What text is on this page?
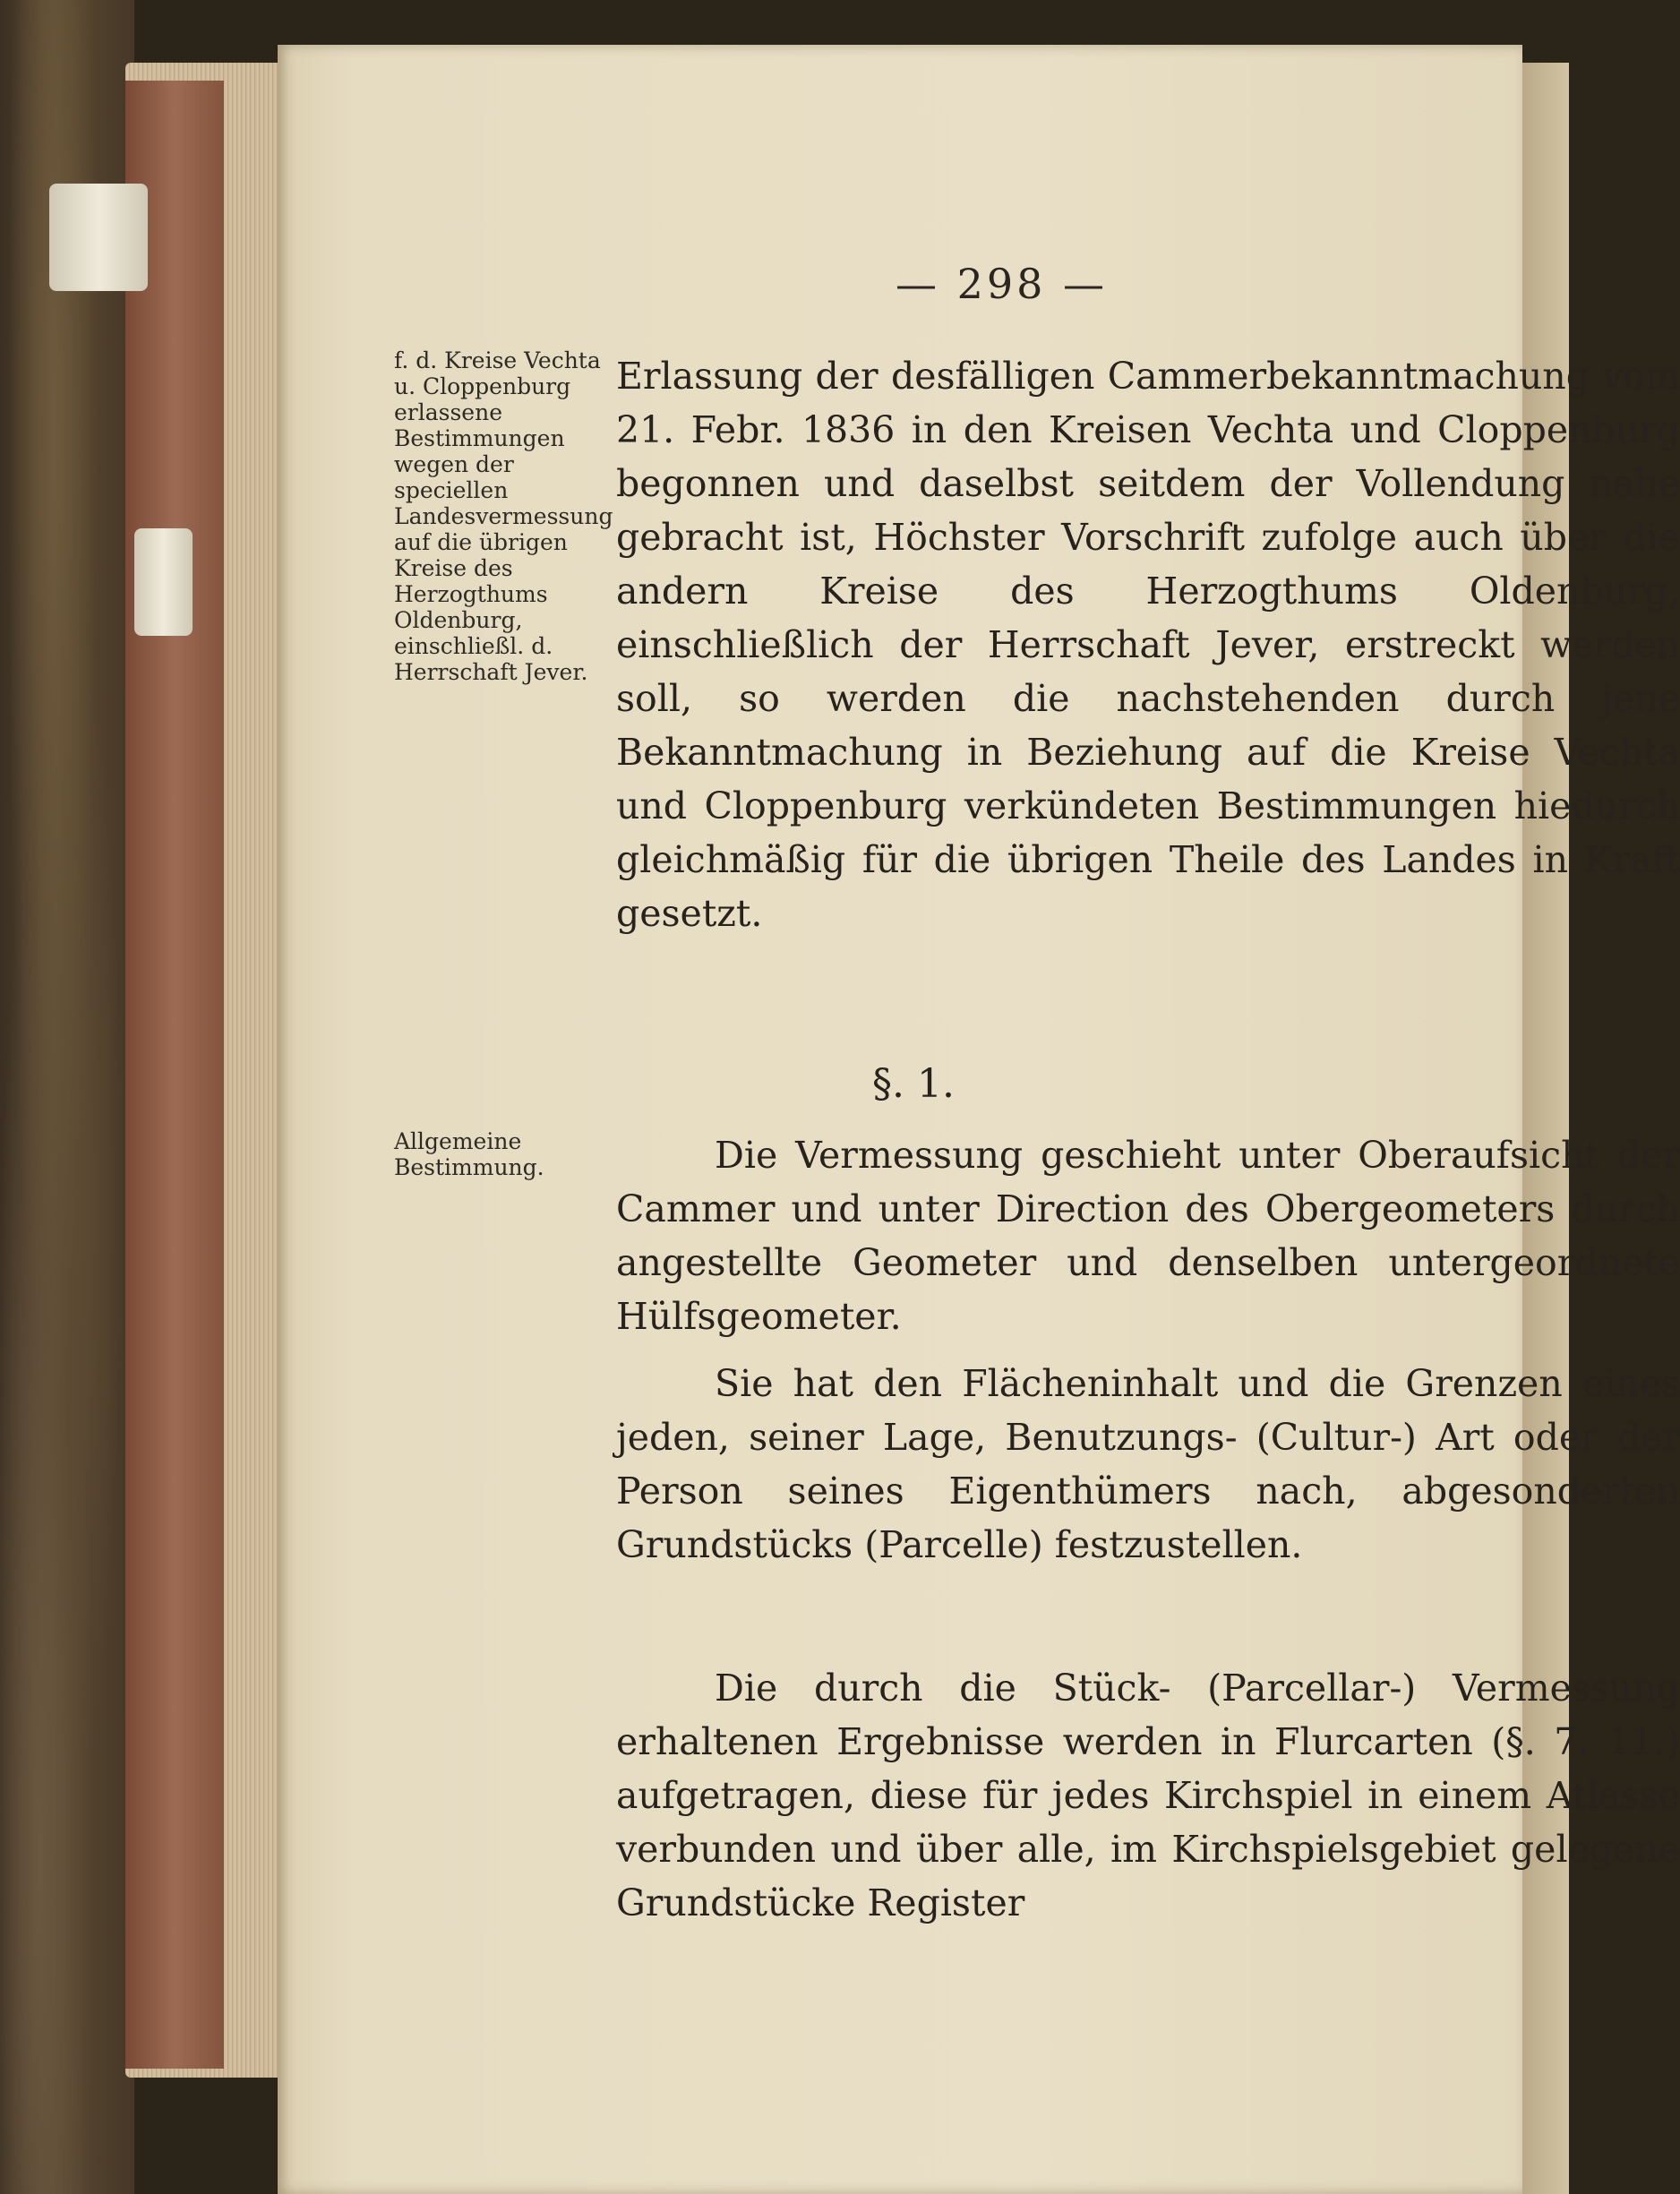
— 298 —
f. d. Kreise Vechta u. Cloppenburg erlassene Bestimmungen wegen der speciellen Landesvermessung auf die übrigen Kreise des Herzogthums Oldenburg, einschließl. d. Herrschaft Jever.

Erlassung der desfälligen Cammerbekanntmachung vom 21. Febr. 1836 in den Kreisen Vechta und Cloppenburg begonnen und daselbst seitdem der Vollendung nahe gebracht ist, Höchster Vorschrift zufolge auch über die andern Kreise des Herzogthums Oldenburg, einschließlich der Herrschaft Jever, erstreckt werden soll, so werden die nachstehenden durch jene Bekanntmachung in Beziehung auf die Kreise Vechta und Cloppenburg verkündeten Bestimmungen hiedurch gleichmäßig für die übrigen Theile des Landes in Kraft gesetzt.

§. 1.
Allgemeine Bestimmung.	Die Vermessung geschieht unter Oberaufsicht der Cammer und unter Direction des Obergeometers durch angestellte Geometer und denselben untergeordnete Hülfsgeometer.

Sie hat den Flächeninhalt und die Grenzen eines jeden, seiner Lage, Benutzungs- (Cultur-) Art oder der Person seines Eigenthümers nach, abgesonderten Grundstücks (Parcelle) festzustellen.

Die durch die Stück- (Parcellar-) Vermessung erhaltenen Ergebnisse werden in Flurcarten (§. 7. 11.) aufgetragen, diese für jedes Kirchspiel in einem Atlasse verbunden und über alle, im Kirchspielsgebiet gelegene Grundstücke Register
